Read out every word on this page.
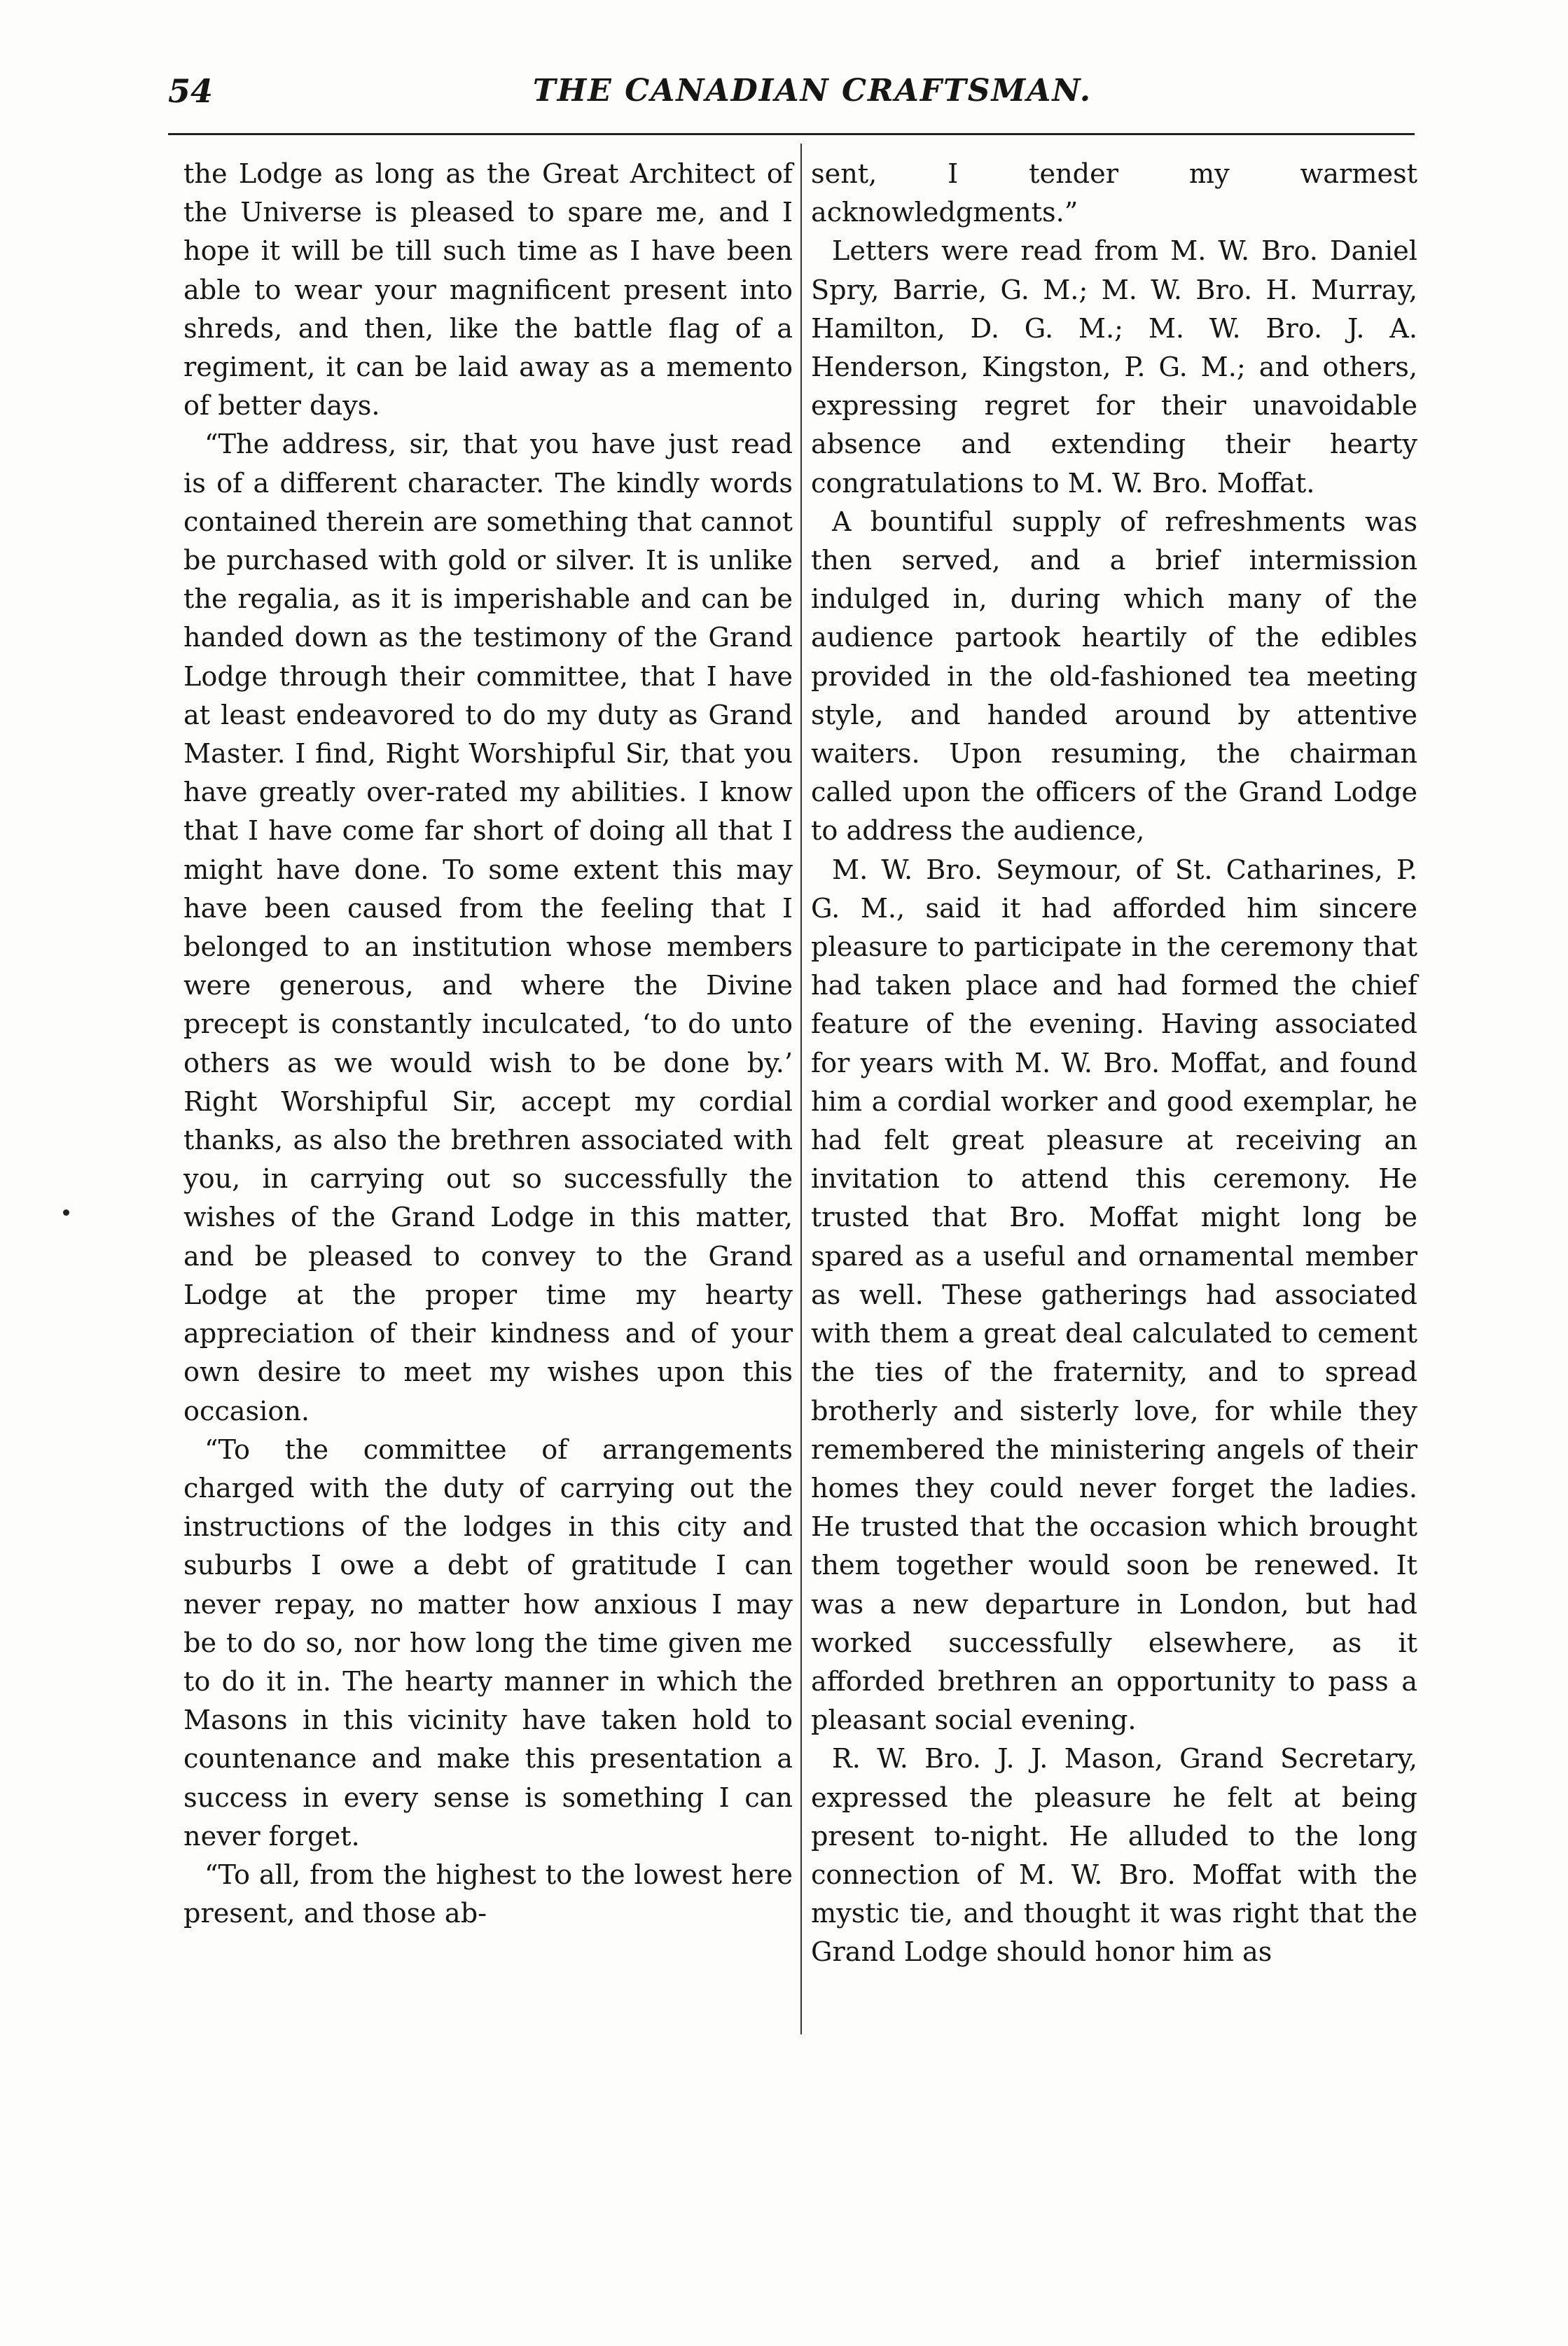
54	THE CANADIAN CRAFTSMAN.

the Lodge as long as the Great Architect of the Universe is pleased to spare me, and I hope it will be till such time as I have been able to wear your magnificent present into shreds, and then, like the battle flag of a regiment, it can be laid away as a memento of better days.

“The address, sir, that you have just read is of a different character. The kindly words contained therein are something that cannot be purchased with gold or silver. It is unlike the regalia, as it is imperishable and can be handed down as the testimony of the Grand Lodge through their committee, that I have at least endeavored to do my duty as Grand Master. I find, Right Worshipful Sir, that you have greatly over-rated my abilities. I know that I have come far short of doing all that I might have done. To some extent this may have been caused from the feeling that I belonged to an institution whose members were generous, and where the Divine precept is constantly inculcated, ‘to do unto others as we would wish to be done by.’ Right Worshipful Sir, accept my cordial thanks, as also the brethren associated with you, in carrying out so successfully the wishes of the Grand Lodge in this matter, and be pleased to convey to the Grand Lodge at the proper time my hearty appreciation of their kindness and of your own desire to meet my wishes upon this occasion.

“To the committee of arrangements charged with the duty of carrying out the instructions of the lodges in this city and suburbs I owe a debt of gratitude I can never repay, no matter how anxious I may be to do so, nor how long the time given me to do it in. The hearty manner in which the Masons in this vicinity have taken hold to countenance and make this presentation a success in every sense is something I can never forget.

“To all, from the highest to the lowest here present, and those ab-

sent, I tender my warmest acknowledgments.”

Letters were read from M. W. Bro. Daniel Spry, Barrie, G. M.; M. W. Bro. H. Murray, Hamilton, D. G. M.; M. W. Bro. J. A. Henderson, Kingston, P. G. M.; and others, expressing regret for their unavoidable absence and extending their hearty congratulations to M. W. Bro. Moffat.

A bountiful supply of refreshments was then served, and a brief intermission indulged in, during which many of the audience partook heartily of the edibles provided in the old-fashioned tea meeting style, and handed around by attentive waiters. Upon resuming, the chairman called upon the officers of the Grand Lodge to address the audience,

M. W. Bro. Seymour, of St. Catharines, P. G. M., said it had afforded him sincere pleasure to participate in the ceremony that had taken place and had formed the chief feature of the evening. Having associated for years with M. W. Bro. Moffat, and found him a cordial worker and good exemplar, he had felt great pleasure at receiving an invitation to attend this ceremony. He trusted that Bro. Moffat might long be spared as a useful and ornamental member as well. These gatherings had associated with them a great deal calculated to cement the ties of the fraternity, and to spread brotherly and sisterly love, for while they remembered the ministering angels of their homes they could never forget the ladies. He trusted that the occasion which brought them together would soon be renewed. It was a new departure in London, but had worked successfully elsewhere, as it afforded brethren an opportunity to pass a pleasant social evening.

R. W. Bro. J. J. Mason, Grand Secretary, expressed the pleasure he felt at being present to-night. He alluded to the long connection of M. W. Bro. Moffat with the mystic tie, and thought it was right that the Grand Lodge should honor him as
